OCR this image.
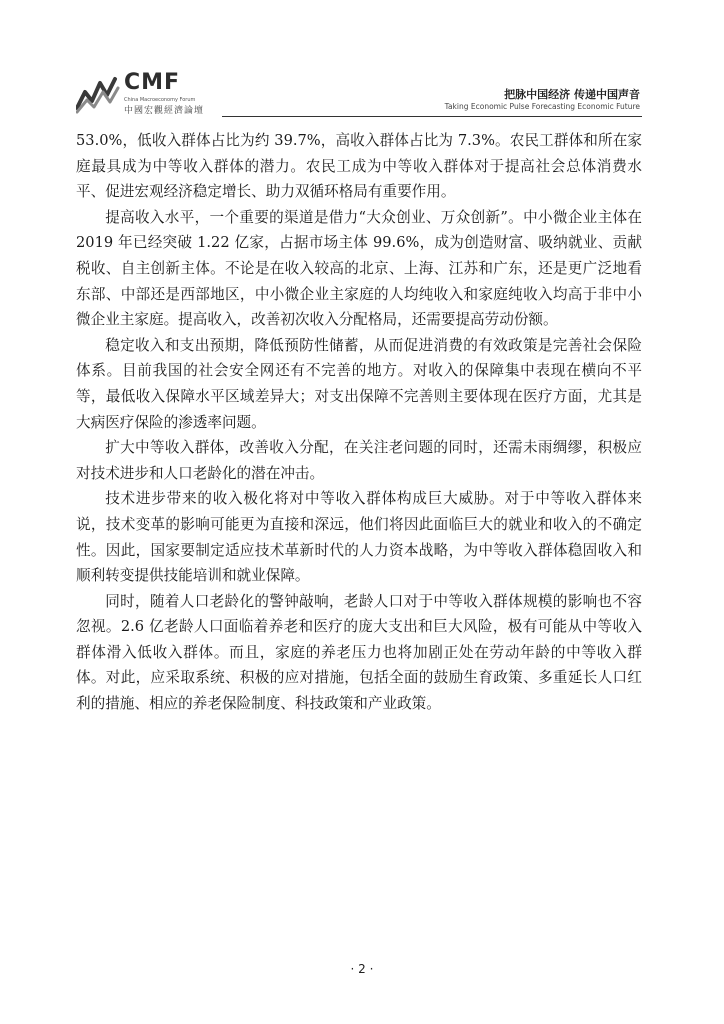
CMF
China Macroeconomy Forum
中國宏觀經濟論壇
把脉中国经济 传递中国声音
Taking Economic Pulse Forecasting Economic Future

53.0%，低收入群体占比为约 39.7%，高收入群体占比为 7.3%。农民工群体和所在家庭最具成为中等收入群体的潜力。农民工成为中等收入群体对于提高社会总体消费水平、促进宏观经济稳定增长、助力双循环格局有重要作用。

提高收入水平，一个重要的渠道是借力“大众创业、万众创新”。中小微企业主体在 2019 年已经突破 1.22 亿家，占据市场主体 99.6%，成为创造财富、吸纳就业、贡献税收、自主创新主体。不论是在收入较高的北京、上海、江苏和广东，还是更广泛地看东部、中部还是西部地区，中小微企业主家庭的人均纯收入和家庭纯收入均高于非中小微企业主家庭。提高收入，改善初次收入分配格局，还需要提高劳动份额。

稳定收入和支出预期，降低预防性储蓄，从而促进消费的有效政策是完善社会保险体系。目前我国的社会安全网还有不完善的地方。对收入的保障集中表现在横向不平等，最低收入保障水平区域差异大；对支出保障不完善则主要体现在医疗方面，尤其是大病医疗保险的渗透率问题。

扩大中等收入群体，改善收入分配，在关注老问题的同时，还需未雨绸缪，积极应对技术进步和人口老龄化的潜在冲击。

技术进步带来的收入极化将对中等收入群体构成巨大威胁。对于中等收入群体来说，技术变革的影响可能更为直接和深远，他们将因此面临巨大的就业和收入的不确定性。因此，国家要制定适应技术革新时代的人力资本战略，为中等收入群体稳固收入和顺利转变提供技能培训和就业保障。

同时，随着人口老龄化的警钟敲响，老龄人口对于中等收入群体规模的影响也不容忽视。2.6 亿老龄人口面临着养老和医疗的庞大支出和巨大风险，极有可能从中等收入群体滑入低收入群体。而且，家庭的养老压力也将加剧正处在劳动年龄的中等收入群体。对此，应采取系统、积极的应对措施，包括全面的鼓励生育政策、多重延长人口红利的措施、相应的养老保险制度、科技政策和产业政策。

· 2 ·
